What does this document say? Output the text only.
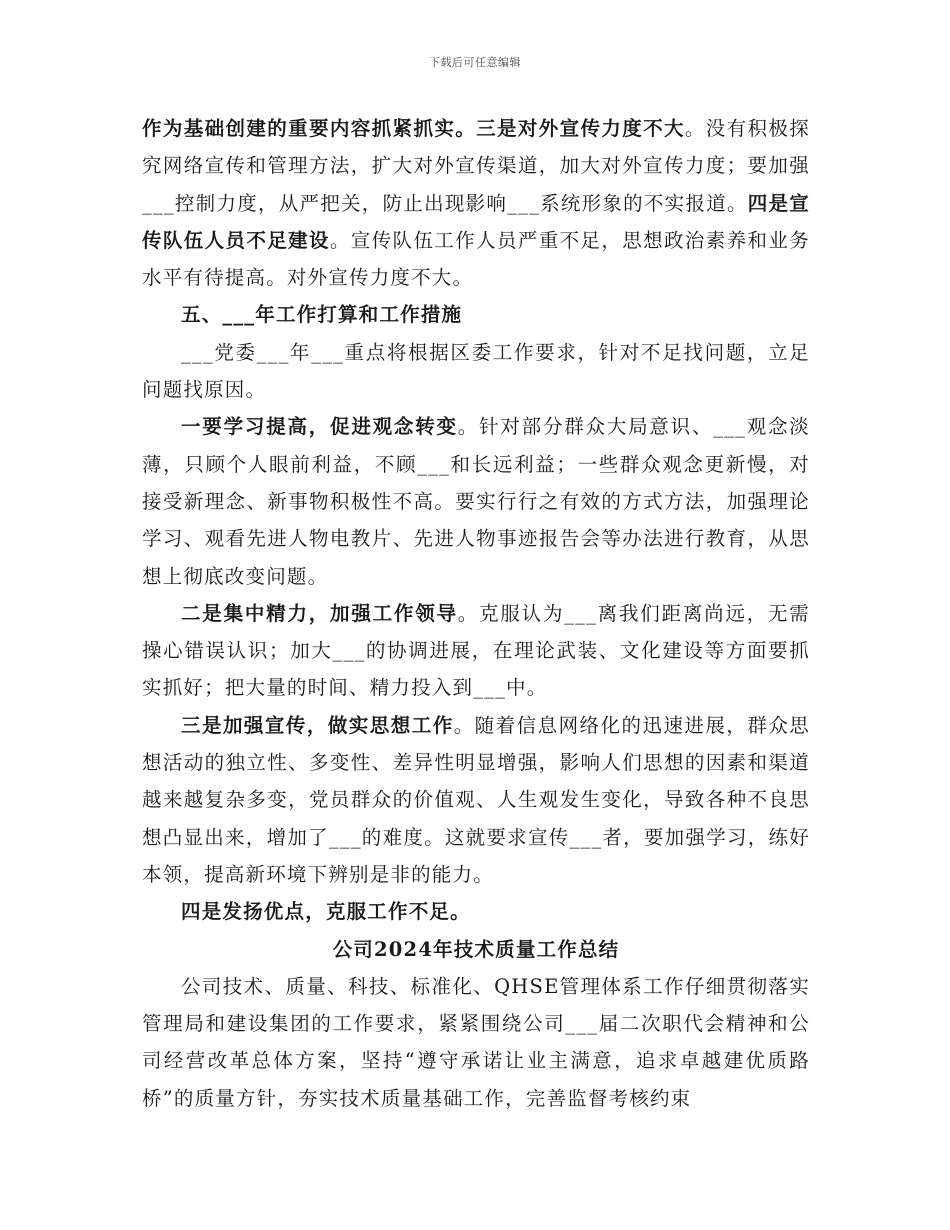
下载后可任意编辑

作为基础创建的重要内容抓紧抓实。三是对外宣传力度不大。没有积极探究网络宣传和管理方法，扩大对外宣传渠道，加大对外宣传力度；要加强___控制力度，从严把关，防止出现影响___系统形象的不实报道。四是宣传队伍人员不足建设。宣传队伍工作人员严重不足，思想政治素养和业务水平有待提高。对外宣传力度不大。

五、___年工作打算和工作措施

___党委___年___重点将根据区委工作要求，针对不足找问题，立足问题找原因。

一要学习提高，促进观念转变。针对部分群众大局意识、___观念淡薄，只顾个人眼前利益，不顾___和长远利益；一些群众观念更新慢，对接受新理念、新事物积极性不高。要实行行之有效的方式方法，加强理论学习、观看先进人物电教片、先进人物事迹报告会等办法进行教育，从思想上彻底改变问题。

二是集中精力，加强工作领导。克服认为___离我们距离尚远，无需操心错误认识；加大___的协调进展，在理论武装、文化建设等方面要抓实抓好；把大量的时间、精力投入到___中。

三是加强宣传，做实思想工作。随着信息网络化的迅速进展，群众思想活动的独立性、多变性、差异性明显增强，影响人们思想的因素和渠道越来越复杂多变，党员群众的价值观、人生观发生变化，导致各种不良思想凸显出来，增加了___的难度。这就要求宣传___者，要加强学习，练好本领，提高新环境下辨别是非的能力。

四是发扬优点，克服工作不足。

公司2024年技术质量工作总结

公司技术、质量、科技、标准化、QHSE管理体系工作仔细贯彻落实管理局和建设集团的工作要求，紧紧围绕公司___届二次职代会精神和公司经营改革总体方案，坚持“遵守承诺让业主满意，追求卓越建优质路桥”的质量方针，夯实技术质量基础工作，完善监督考核约束
